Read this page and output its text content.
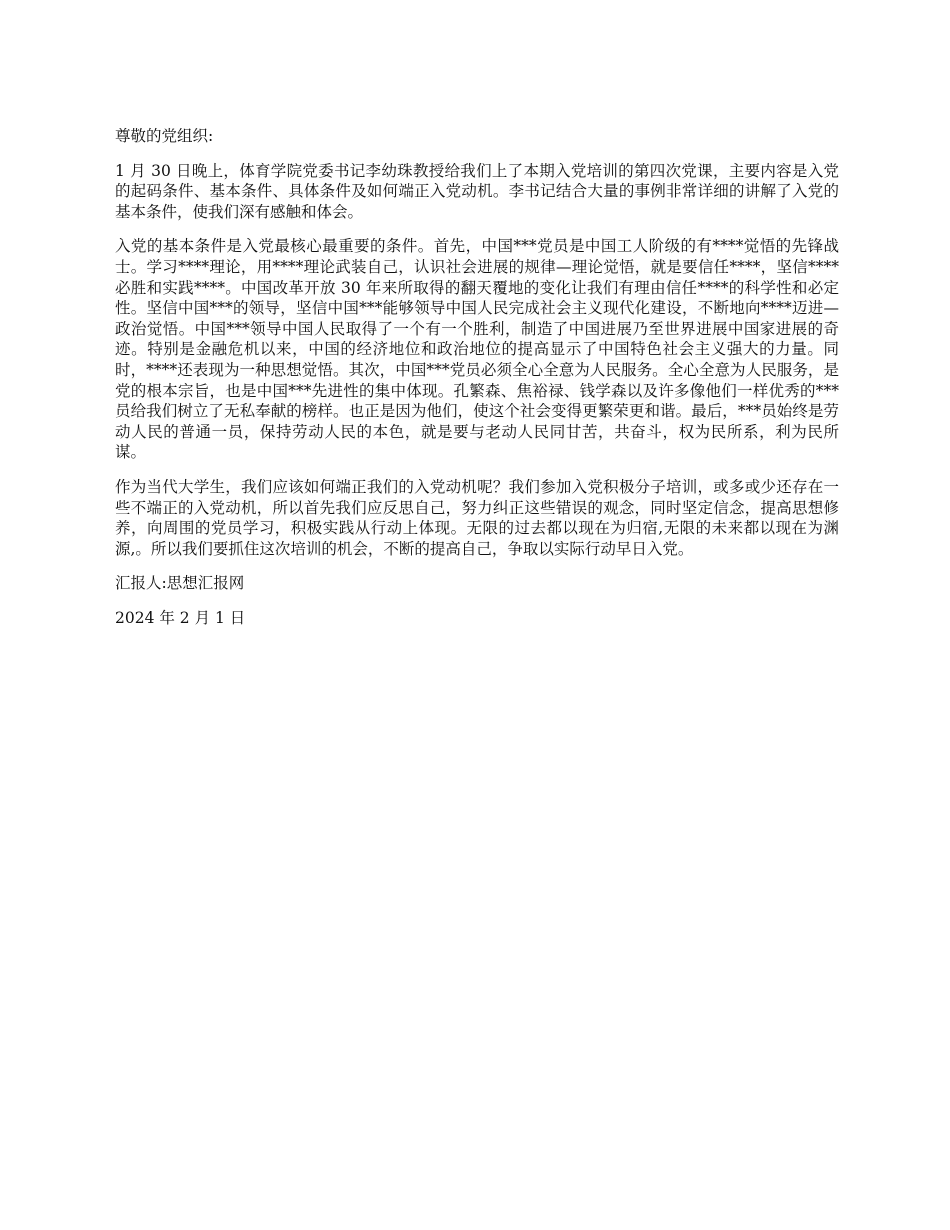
尊敬的党组织:

1 月 30 日晚上，体育学院党委书记李幼珠教授给我们上了本期入党培训的第四次党课，主要内容是入党的起码条件、基本条件、具体条件及如何端正入党动机。李书记结合大量的事例非常详细的讲解了入党的基本条件，使我们深有感触和体会。

入党的基本条件是入党最核心最重要的条件。首先，中国***党员是中国工人阶级的有****觉悟的先锋战士。学习****理论，用****理论武装自己，认识社会进展的规律—理论觉悟，就是要信任****，坚信****必胜和实践****。中国改革开放 30 年来所取得的翻天覆地的变化让我们有理由信任****的科学性和必定性。坚信中国***的领导，坚信中国***能够领导中国人民完成社会主义现代化建设，不断地向****迈进—政治觉悟。中国***领导中国人民取得了一个有一个胜利，制造了中国进展乃至世界进展中国家进展的奇迹。特别是金融危机以来，中国的经济地位和政治地位的提高显示了中国特色社会主义强大的力量。同时，****还表现为一种思想觉悟。其次，中国***党员必须全心全意为人民服务。全心全意为人民服务，是党的根本宗旨，也是中国***先进性的集中体现。孔繁森、焦裕禄、钱学森以及许多像他们一样优秀的***员给我们树立了无私奉献的榜样。也正是因为他们，使这个社会变得更繁荣更和谐。最后，***员始终是劳动人民的普通一员，保持劳动人民的本色，就是要与老动人民同甘苦，共奋斗，权为民所系，利为民所谋。

作为当代大学生，我们应该如何端正我们的入党动机呢？我们参加入党积极分子培训，或多或少还存在一些不端正的入党动机，所以首先我们应反思自己，努力纠正这些错误的观念，同时坚定信念，提高思想修养，向周围的党员学习，积极实践从行动上体现。无限的过去都以现在为归宿,无限的未来都以现在为渊源,。所以我们要抓住这次培训的机会，不断的提高自己，争取以实际行动早日入党。

汇报人:思想汇报网

2024 年 2 月 1 日
